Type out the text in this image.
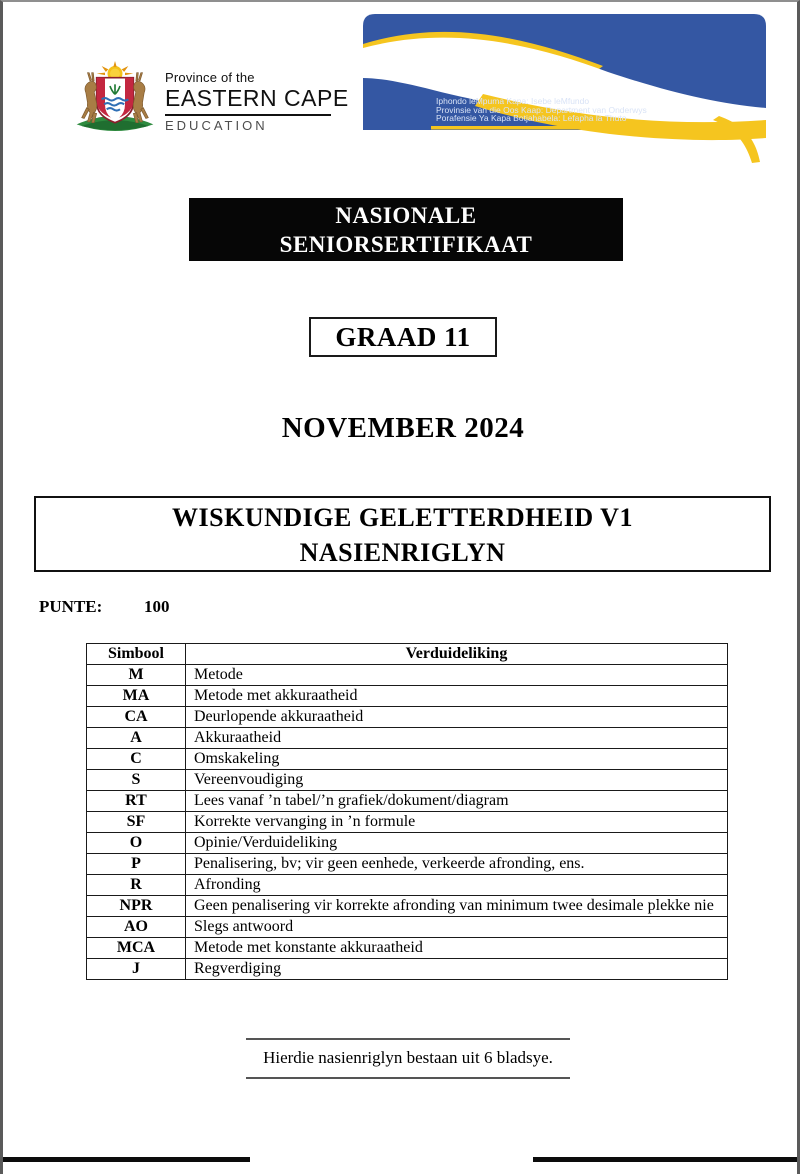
Province of the
EASTERN CAPE
EDUCATION
Iphondo leMpuma Kapa: Isebe leMfundo
Provinsie van die Oos Kaap: Department van Onderwys
Porafensie Ya Kapa Botjahabela: Lefapha la Thuto
NASIONALE
SENIORSERTIFIKAAT
GRAAD 11
NOVEMBER 2024
WISKUNDIGE GELETTERDHEID V1
NASIENRIGLYN
PUNTE: 100
Simbool	Verduideliking
M	Metode
MA	Metode met akkuraatheid
CA	Deurlopende akkuraatheid
A	Akkuraatheid
C	Omskakeling
S	Vereenvoudiging
RT	Lees vanaf ’n tabel/’n grafiek/dokument/diagram
SF	Korrekte vervanging in ’n formule
O	Opinie/Verduideliking
P	Penalisering, bv; vir geen eenhede, verkeerde afronding, ens.
R	Afronding
NPR	Geen penalisering vir korrekte afronding van minimum twee desimale plekke nie
AO	Slegs antwoord
MCA	Metode met konstante akkuraatheid
J	Regverdiging
Hierdie nasienriglyn bestaan uit 6 bladsye.
